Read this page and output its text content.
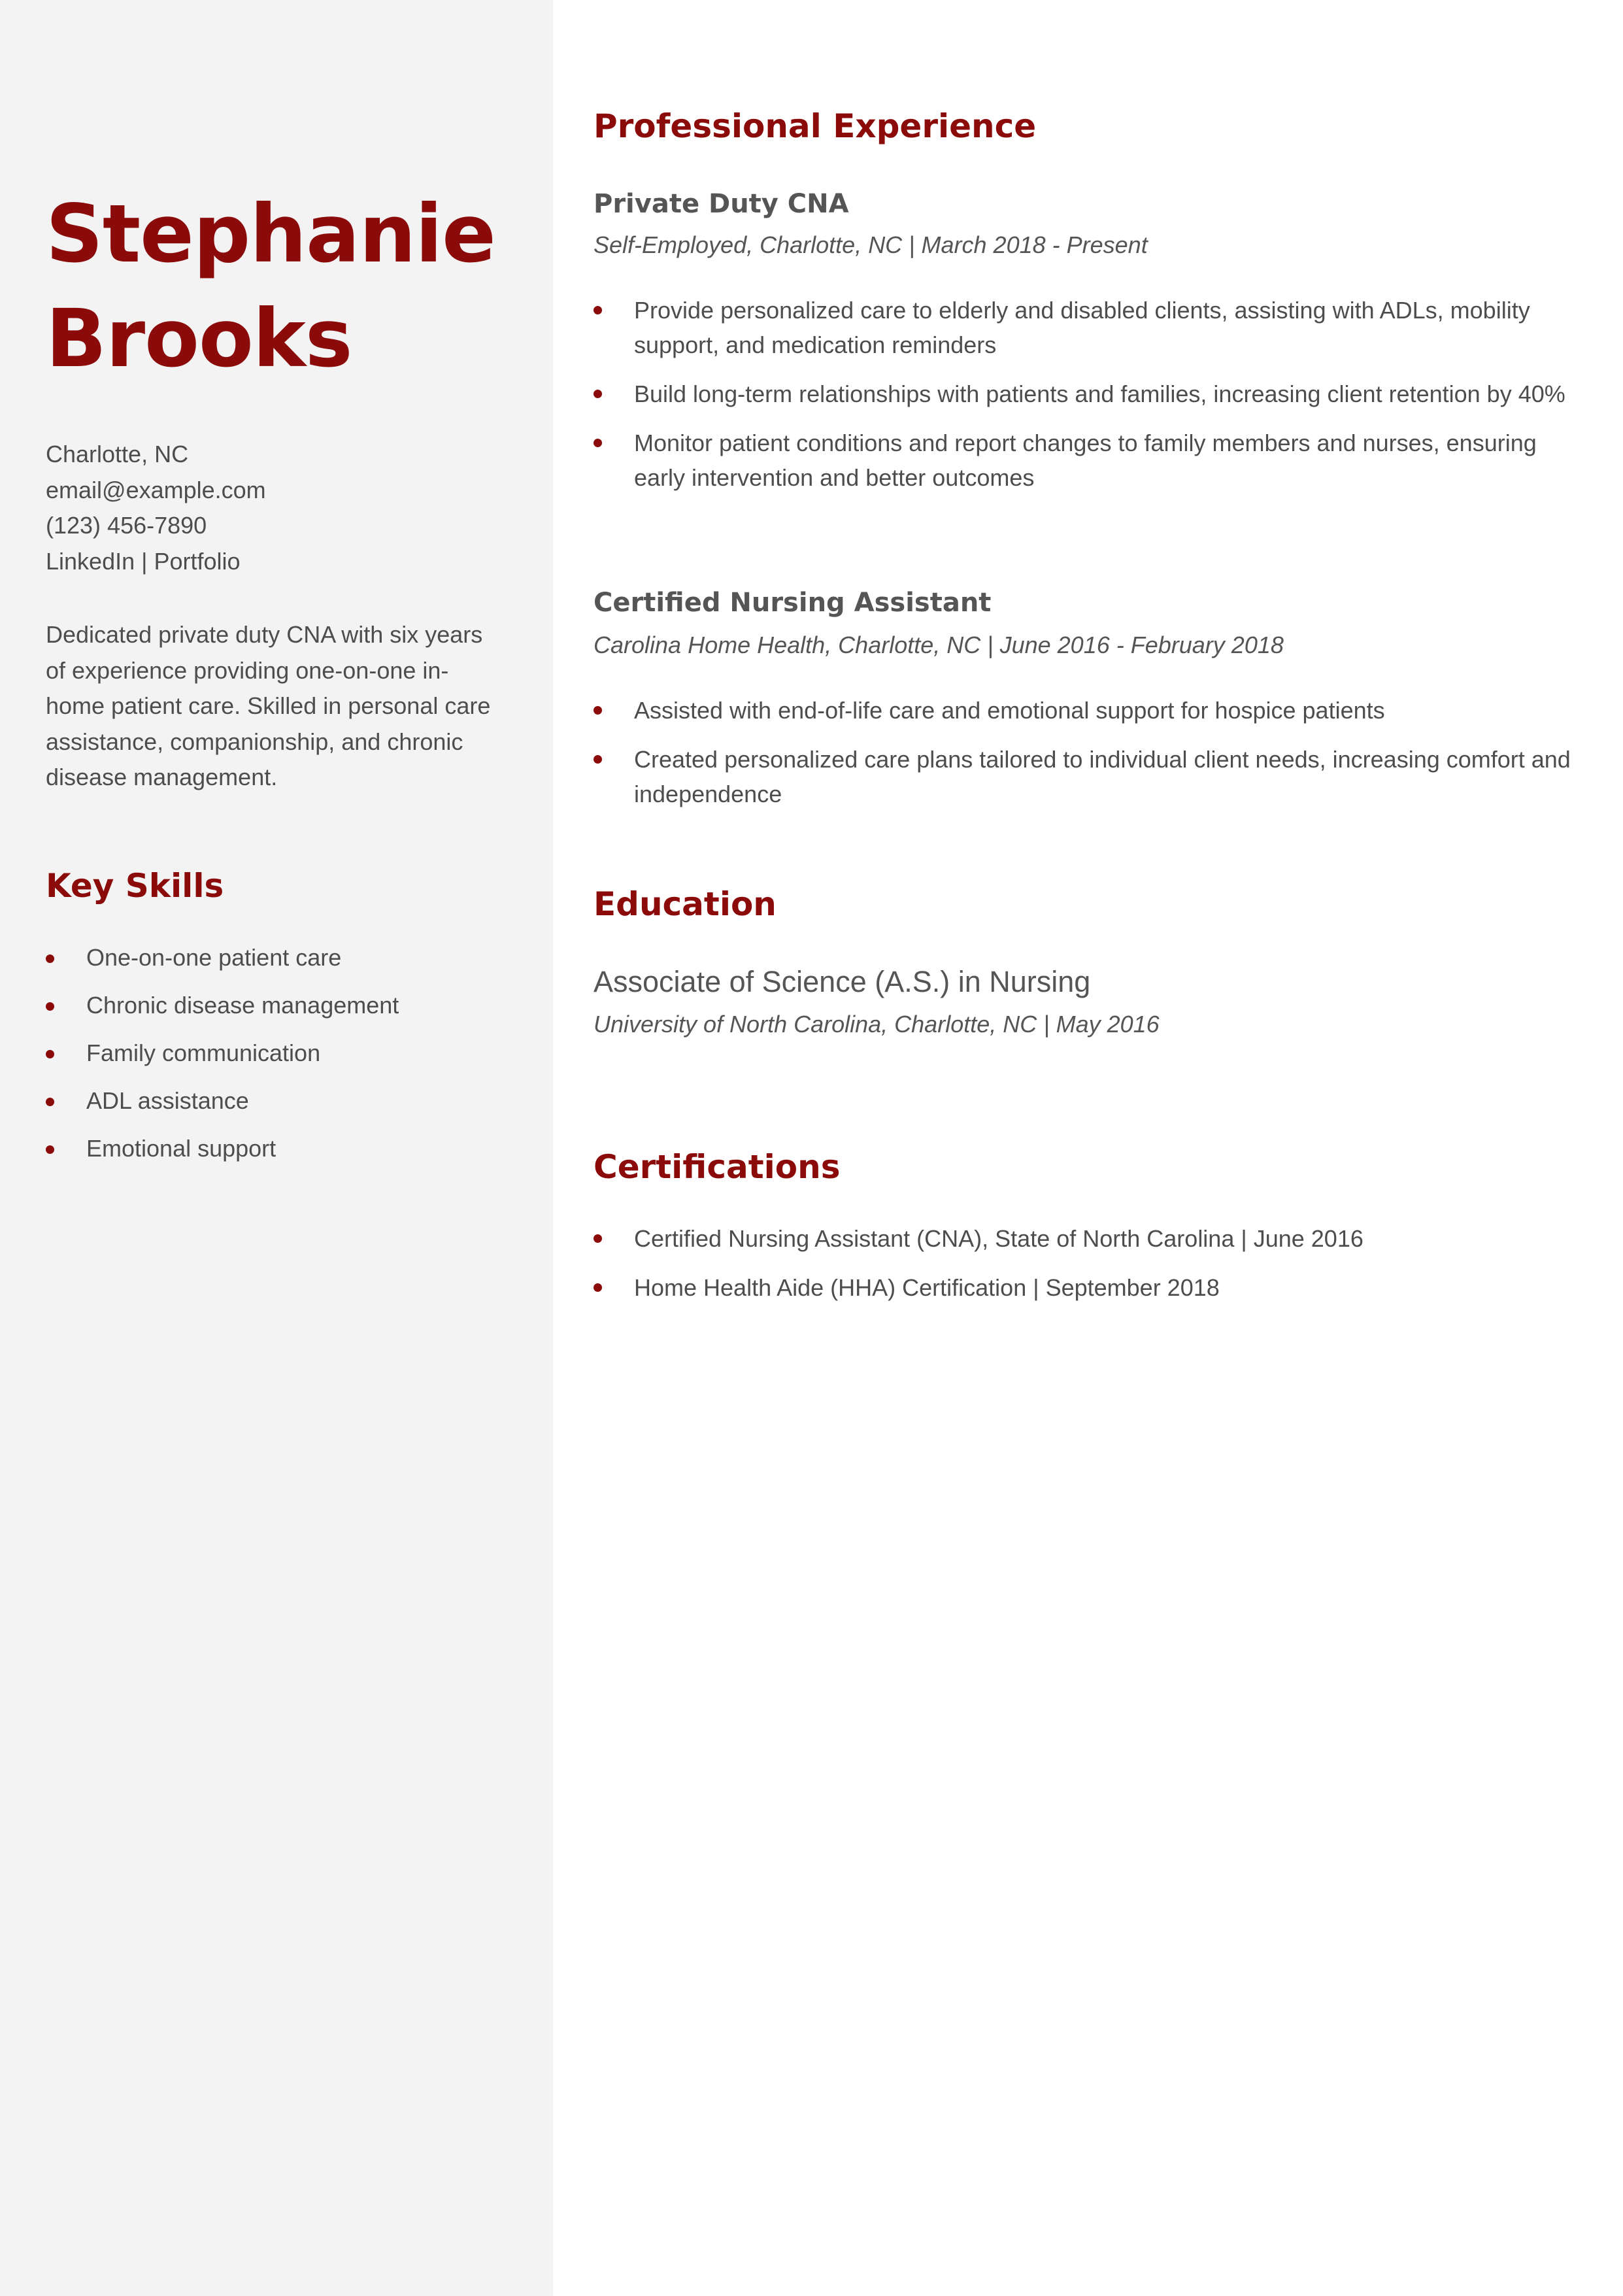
Stephanie
Brooks
Charlotte, NC
email@example.com
(123) 456-7890
LinkedIn | Portfolio

Dedicated private duty CNA with six years of experience providing one-on-one in-home patient care. Skilled in personal care assistance, companionship, and chronic disease management.

Key Skills
One-on-one patient care
Chronic disease management
Family communication
ADL assistance
Emotional support
Professional Experience
Private Duty CNA

Self-Employed, Charlotte, NC | March 2018 - Present

Provide personalized care to elderly and disabled clients, assisting with ADLs, mobility support, and medication reminders
Build long-term relationships with patients and families, increasing client retention by 40%
Monitor patient conditions and report changes to family members and nurses, ensuring early intervention and better outcomes
Certified Nursing Assistant

Carolina Home Health, Charlotte, NC | June 2016 - February 2018

Assisted with end-of-life care and emotional support for hospice patients
Created personalized care plans tailored to individual client needs, increasing comfort and independence
Education

Associate of Science (A.S.) in Nursing

University of North Carolina, Charlotte, NC | May 2016

Certifications
Certified Nursing Assistant (CNA), State of North Carolina | June 2016
Home Health Aide (HHA) Certification | September 2018
